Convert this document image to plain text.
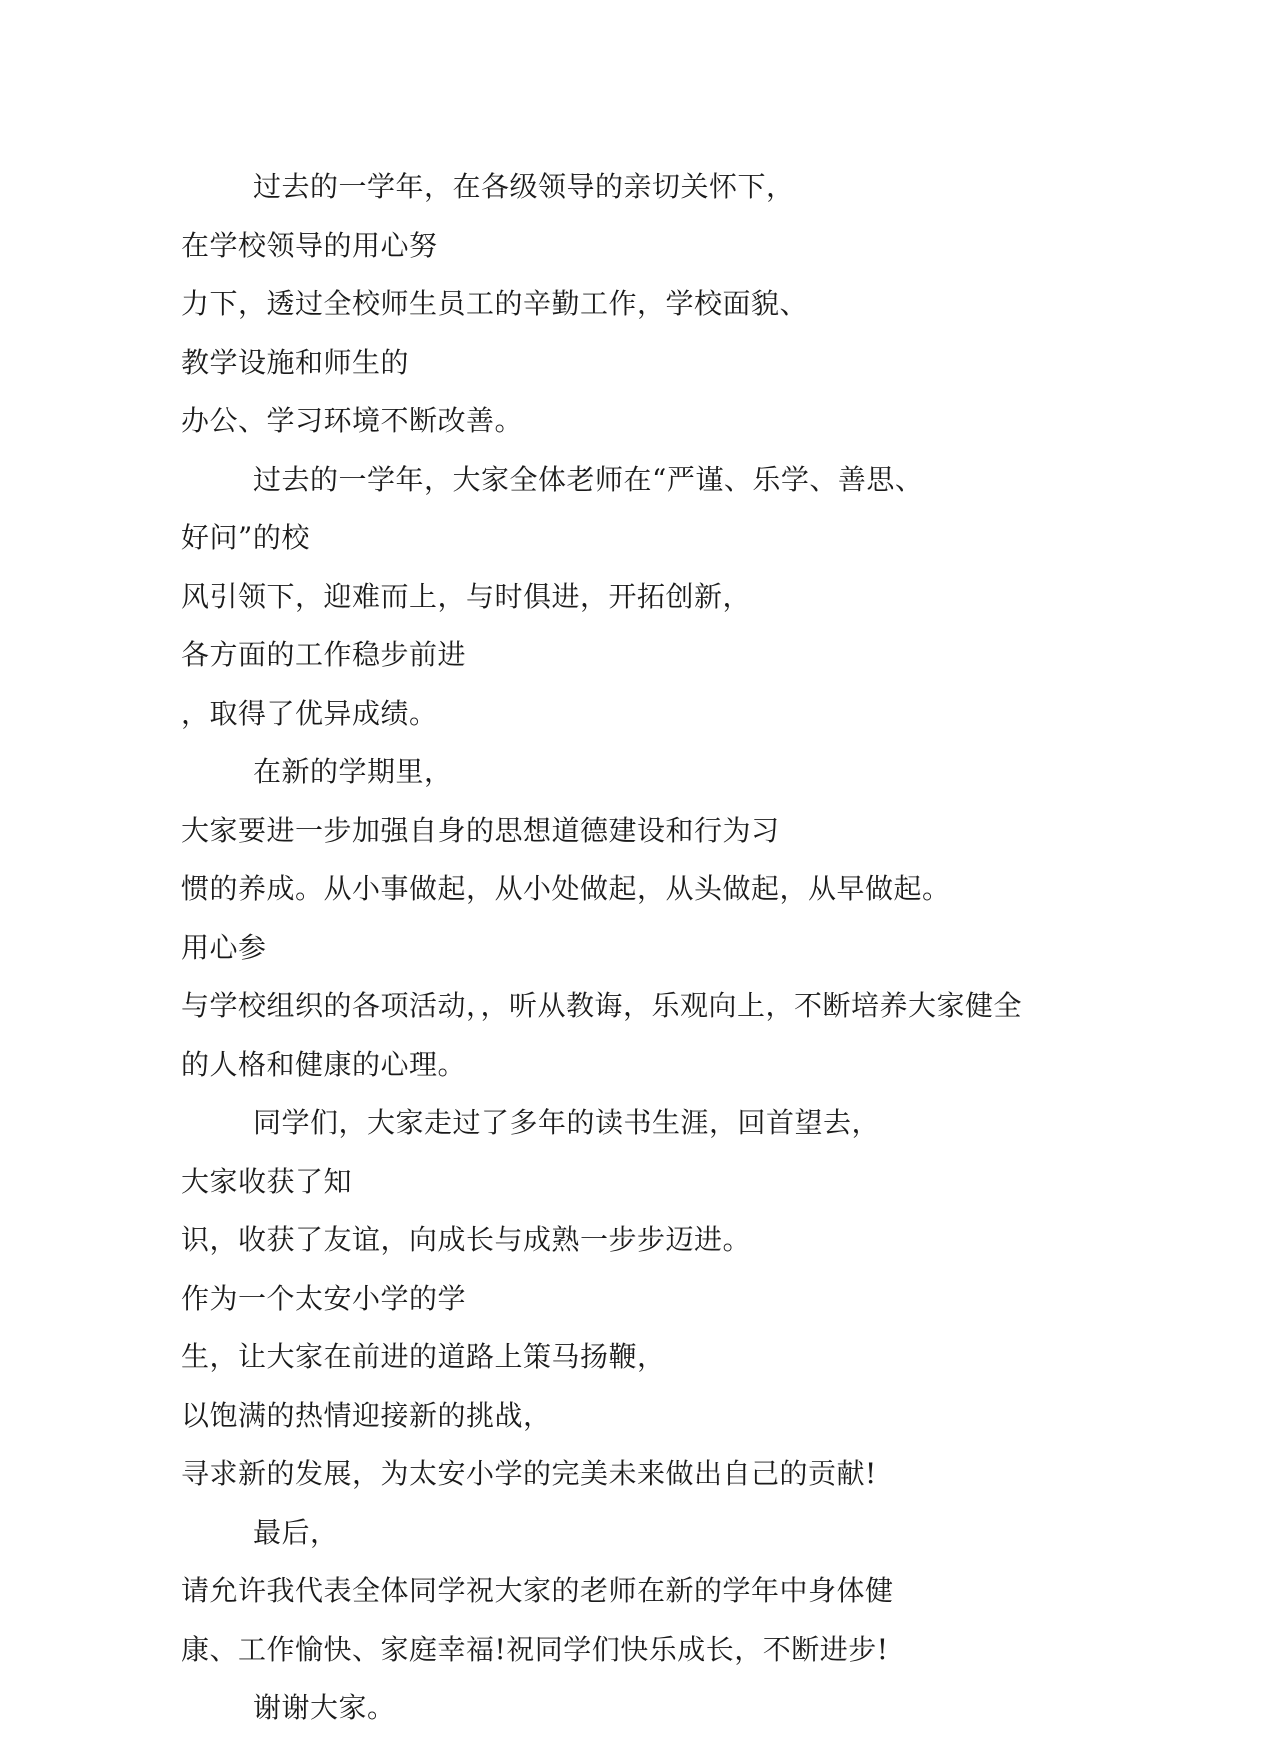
过去的一学年，在各级领导的亲切关怀下，在学校领导的用心努
力下，透过全校师生员工的辛勤工作，学校面貌、教学设施和师生的
办公、学习环境不断改善。

过去的一学年，大家全体老师在“严谨、乐学、善思、好问”的校
风引领下，迎难而上，与时俱进，开拓创新，各方面的工作稳步前进
，取得了优异成绩。

在新的学期里，大家要进一步加强自身的思想道德建设和行为习
惯的养成。从小事做起，从小处做起，从头做起，从早做起。用心参
与学校组织的各项活动，，听从教诲，乐观向上，不断培养大家健全
的人格和健康的心理。

同学们，大家走过了多年的读书生涯，回首望去，大家收获了知
识，收获了友谊，向成长与成熟一步步迈进。作为一个太安小学的学
生，让大家在前进的道路上策马扬鞭，以饱满的热情迎接新的挑战，
寻求新的发展，为太安小学的完美未来做出自己的贡献!

最后，请允许我代表全体同学祝大家的老师在新的学年中身体健
康、工作愉快、家庭幸福!祝同学们快乐成长，不断进步!

谢谢大家。
